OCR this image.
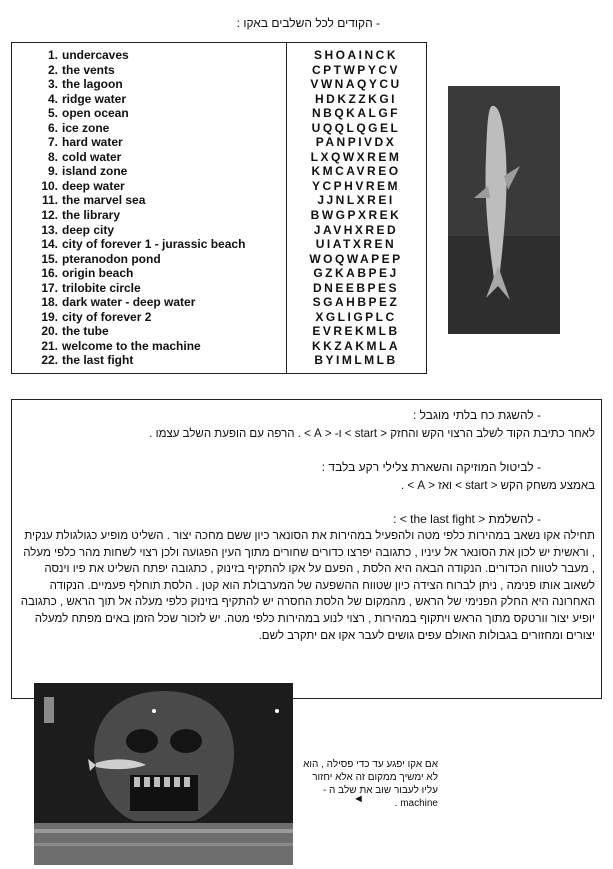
- הקודים לכל השלבים באקו :
1. undercaves
2. the vents
3. the lagoon
4. ridge water
5. open ocean
6. ice zone
7. hard water
8. cold water
9. island zone
10. deep water
11. the marvel sea
12. the library
13. deep city
14. city of forever 1 - jurassic beach
15. pteranodon pond
16. origin beach
17. trilobite circle
18. dark water - deep water
19. city of forever 2
20. the tube
21. welcome to the machine
22. the last fight
SHOAINCK
CPTWPYCV
VWNAQYCU
HDKZZKGI
NBQKALGF
UQQLQGEL
PANPIVDX
LXQWXREM
KMCAVREO
YCPHVREM
JJNLXREI
BWGPXREK
JAVHXRED
UIATXREN
WOQWAPEP
GZKABPEJ
DNEEBPES
SGAHBPEZ
XGLIGPLC
EVREKMLB
KKZAKMLA
BYIMLMLB
- להשגת כח בלתי מוגבל :
לאחר כתיבת הקוד לשלב הרצוי הקש והחזק < start > ו- < A > . הרפה עם הופעת השלב עצמו .
- לביטול המוזיקה והשארת צלילי רקע בלבד :
באמצע משחק הקש < start > ואז < A > .
- להשלמת < the last fight > :
תחילה אקו נשאב במהירות כלפי מטה ולהפעיל במהירות את הסונאר כיון ששם מחכה יצור . השליט מופיע כגולגולת ענקית , וראשית יש לכון את הסונאר אל עיניו , כתגובה יפרצו כדורים שחורים מתוך העין הפגועה ולכן רצוי לשחות מהר כלפי מעלה , מעבר לטווח הכדורים. הנקודה הבאה היא הלסת , הפעם על אקו להתקיף בזינוק , כתגובה יפתח השליט את פיו וינסה לשאוב אותו פנימה , ניתן לברוח הצידה כיון שטווח ההשפעה של המערבולת הוא קטן . הלסת תוחלף פעמיים. הנקודה האחרונה היא החלק הפנימי של הראש , מהמקום של הלסת החסרה יש להתקיף בזינוק כלפי מעלה אל תוך הראש , כתגובה יופיע יצור וורטקס מתוך הראש ויתקוף במהירות , רצוי לנוע במהירות כלפי מטה. יש לזכור שכל הזמן באים מפתח למעלה יצורים ומחזורים בגבולות האולם עפים גושים לעבר אקו אם יתקרב לשם.
אם אקו יפגע עד כדי פסילה , הוא לא ימשיך ממקום זה אלא יחזור עליו לעבור שוב את שלב ה -
machine .
◄
